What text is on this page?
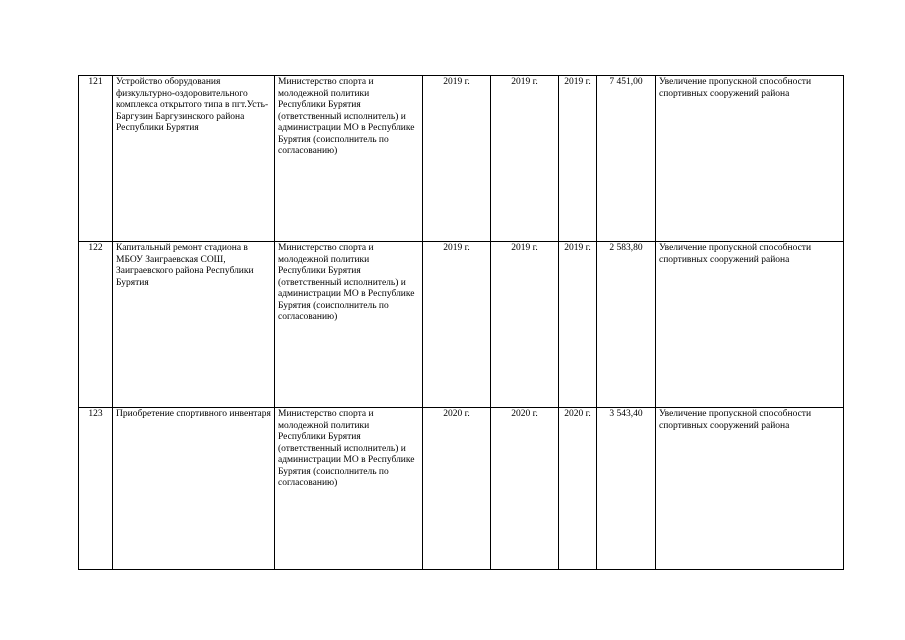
121	Устройство оборудования физкультурно-оздоровительного комплекса открытого типа в пгт.Усть-Баргузин Баргузинского района Республики Бурятия	Министерство спорта и молодежной политики Республики Бурятия (ответственный исполнитель) и администрации МО в Республике Бурятия (соисполнитель по согласованию)	2019 г.	2019 г.	2019 г.	7 451,00	Увеличение пропускной способности спортивных сооружений района
122	Капитальный ремонт стадиона в МБОУ Заиграевская СОШ, Заиграевского района Республики Бурятия	Министерство спорта и молодежной политики Республики Бурятия (ответственный исполнитель) и администрации МО в Республике Бурятия (соисполнитель по согласованию)	2019 г.	2019 г.	2019 г.	2 583,80	Увеличение пропускной способности спортивных сооружений района
123	Приобретение спортивного инвентаря	Министерство спорта и молодежной политики Республики Бурятия (ответственный исполнитель) и администрации МО в Республике Бурятия (соисполнитель по согласованию)	2020 г.	2020 г.	2020 г.	3 543,40	Увеличение пропускной способности спортивных сооружений района
